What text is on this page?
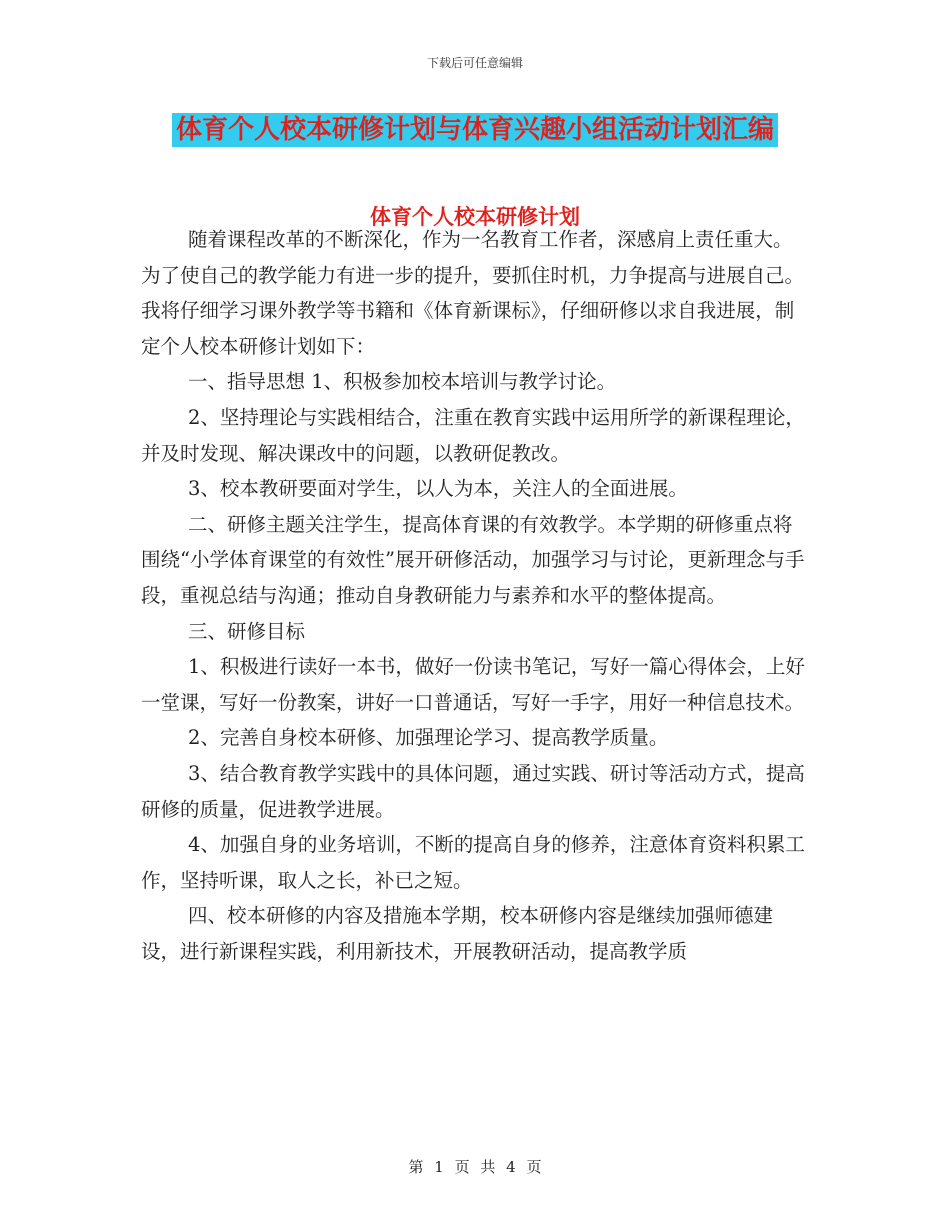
下载后可任意编辑
体育个人校本研修计划与体育兴趣小组活动计划汇编
体育个人校本研修计划

随着课程改革的不断深化，作为一名教育工作者，深感肩上责任重大。为了使自己的教学能力有进一步的提升，要抓住时机，力争提高与进展自己。我将仔细学习课外教学等书籍和《体育新课标》，仔细研修以求自我进展，制定个人校本研修计划如下：

一、指导思想 1、积极参加校本培训与教学讨论。

2、坚持理论与实践相结合，注重在教育实践中运用所学的新课程理论，并及时发现、解决课改中的问题，以教研促教改。

3、校本教研要面对学生，以人为本，关注人的全面进展。

二、研修主题关注学生，提高体育课的有效教学。本学期的研修重点将围绕“小学体育课堂的有效性”展开研修活动，加强学习与讨论，更新理念与手段，重视总结与沟通；推动自身教研能力与素养和水平的整体提高。

三、研修目标

1、积极进行读好一本书，做好一份读书笔记，写好一篇心得体会，上好一堂课，写好一份教案，讲好一口普通话，写好一手字，用好一种信息技术。

2、完善自身校本研修、加强理论学习、提高教学质量。

3、结合教育教学实践中的具体问题，通过实践、研讨等活动方式，提高研修的质量，促进教学进展。

4、加强自身的业务培训，不断的提高自身的修养，注意体育资料积累工作，坚持听课，取人之长，补已之短。

四、校本研修的内容及措施本学期，校本研修内容是继续加强师德建设，进行新课程实践，利用新技术，开展教研活动，提高教学质

第 1 页 共 4 页
